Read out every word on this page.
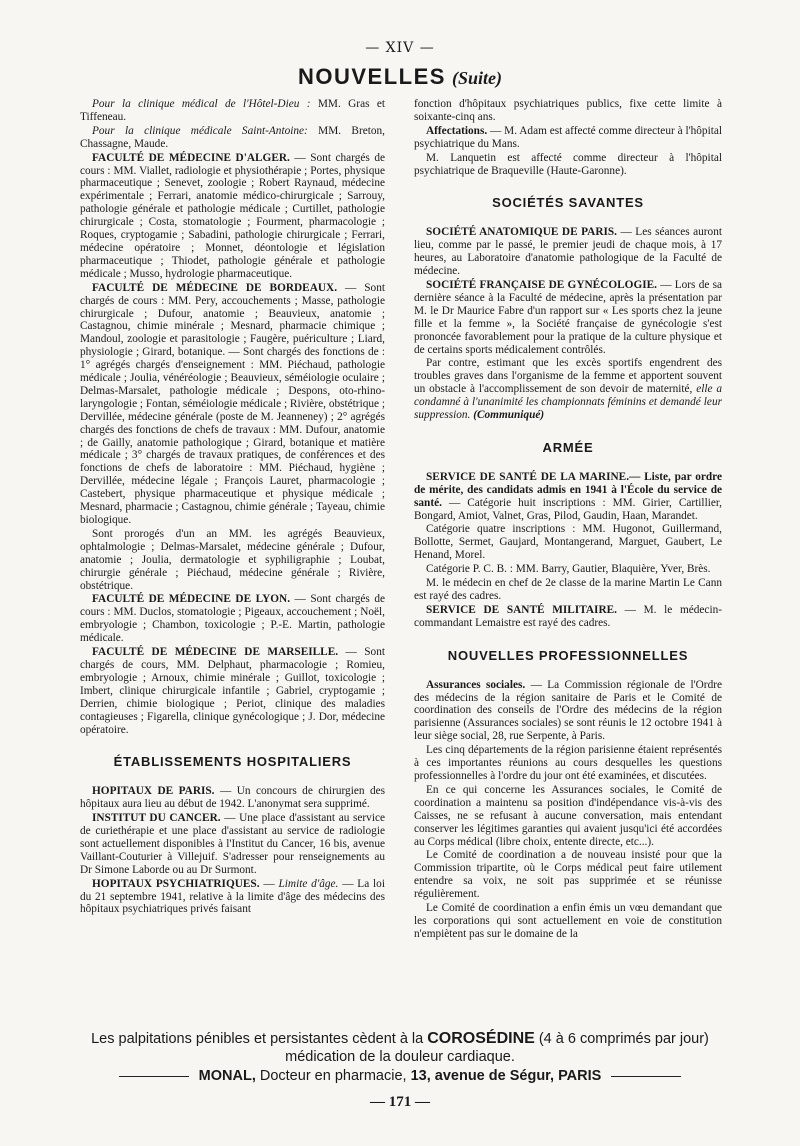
— XIV —
NOUVELLES (Suite)

Pour la clinique médical de l'Hôtel-Dieu : MM. Gras et Tiffeneau.

Pour la clinique médicale Saint-Antoine: MM. Breton, Chassagne, Maude.

FACULTÉ DE MÉDECINE D'ALGER. — Sont chargés de cours : MM. Viallet, radiologie et physiothérapie ; Portes, physique pharmaceutique ; Senevet, zoologie ; Robert Raynaud, médecine expérimentale ; Ferrari, anatomie médico-chirurgicale ; Sarrouy, pathologie générale et pathologie médicale ; Curtillet, pathologie chirurgicale ; Costa, stomatologie ; Fourment, pharmacologie ; Roques, cryptogamie ; Sabadini, pathologie chirurgicale ; Ferrari, médecine opératoire ; Monnet, déontologie et législation pharmaceutique ; Thiodet, pathologie générale et pathologie médicale ; Musso, hydrologie pharmaceutique.

FACULTÉ DE MÉDECINE DE BORDEAUX. — Sont chargés de cours : MM. Pery, accouchements ; Masse, pathologie chirurgicale ; Dufour, anatomie ; Beauvieux, anatomie ; Castagnou, chimie minérale ; Mesnard, pharmacie chimique ; Mandoul, zoologie et parasitologie ; Faugère, puériculture ; Liard, physiologie ; Girard, botanique. — Sont chargés des fonctions de : 1° agrégés chargés d'enseignement : MM. Piéchaud, pathologie médicale ; Joulia, vénéréologie ; Beauvieux, séméiologie oculaire ; Delmas-Marsalet, pathologie médicale ; Despons, oto-rhino-laryngologie ; Fontan, séméiologie médicale ; Rivière, obstétrique ; Dervillée, médecine générale (poste de M. Jeanneney) ; 2° agrégés chargés des fonctions de chefs de travaux : MM. Dufour, anatomie ; de Gailly, anatomie pathologique ; Girard, botanique et matière médicale ; 3° chargés de travaux pratiques, de conférences et des fonctions de chefs de laboratoire : MM. Piéchaud, hygiène ; Dervillée, médecine légale ; François Lauret, pharmacologie ; Castebert, physique pharmaceutique et physique médicale ; Mesnard, pharmacie ; Castagnou, chimie générale ; Tayeau, chimie biologique.

Sont prorogés d'un an MM. les agrégés Beauvieux, ophtalmologie ; Delmas-Marsalet, médecine générale ; Dufour, anatomie ; Joulia, dermatologie et syphiligraphie ; Loubat, chirurgie générale ; Piéchaud, médecine générale ; Rivière, obstétrique.

FACULTÉ DE MÉDECINE DE LYON. — Sont chargés de cours : MM. Duclos, stomatologie ; Pigeaux, accouchement ; Noël, embryologie ; Chambon, toxicologie ; P.-E. Martin, pathologie médicale.

FACULTÉ DE MÉDECINE DE MARSEILLE. — Sont chargés de cours, MM. Delphaut, pharmacologie ; Romieu, embryologie ; Arnoux, chimie minérale ; Guillot, toxicologie ; Imbert, clinique chirurgicale infantile ; Gabriel, cryptogamie ; Derrien, chimie biologique ; Periot, clinique des maladies contagieuses ; Figarella, clinique gynécologique ; J. Dor, médecine opératoire.

ÉTABLISSEMENTS HOSPITALIERS

HOPITAUX DE PARIS. — Un concours de chirurgien des hôpitaux aura lieu au début de 1942. L'anonymat sera supprimé.

INSTITUT DU CANCER. — Une place d'assistant au service de curiethérapie et une place d'assistant au service de radiologie sont actuellement disponibles à l'Institut du Cancer, 16 bis, avenue Vaillant-Couturier à Villejuif. S'adresser pour renseignements au Dr Simone Laborde ou au Dr Surmont.

HOPITAUX PSYCHIATRIQUES. — Limite d'âge. — La loi du 21 septembre 1941, relative à la limite d'âge des médecins des hôpitaux psychiatriques privés faisant

fonction d'hôpitaux psychiatriques publics, fixe cette limite à soixante-cinq ans.

Affectations. — M. Adam est affecté comme directeur à l'hôpital psychiatrique du Mans.

M. Lanquetin est affecté comme directeur à l'hôpital psychiatrique de Braqueville (Haute-Garonne).

SOCIÉTÉS SAVANTES

SOCIÉTÉ ANATOMIQUE DE PARIS. — Les séances auront lieu, comme par le passé, le premier jeudi de chaque mois, à 17 heures, au Laboratoire d'anatomie pathologique de la Faculté de médecine.

SOCIÉTÉ FRANÇAISE DE GYNÉCOLOGIE. — Lors de sa dernière séance à la Faculté de médecine, après la présentation par M. le Dr Maurice Fabre d'un rapport sur « Les sports chez la jeune fille et la femme », la Société française de gynécologie s'est prononcée favorablement pour la pratique de la culture physique et de certains sports médicalement contrôlés.

Par contre, estimant que les excès sportifs engendrent des troubles graves dans l'organisme de la femme et apportent souvent un obstacle à l'accomplissement de son devoir de maternité, elle a condamné à l'unanimité les championnats féminins et demandé leur suppression. (Communiqué)

ARMÉE

SERVICE DE SANTÉ DE LA MARINE.— Liste, par ordre de mérite, des candidats admis en 1941 à l'École du service de santé. — Catégorie huit inscriptions : MM. Girier, Cartillier, Bongard, Amiot, Valnet, Gras, Pilod, Gaudin, Haan, Marandet.

Catégorie quatre inscriptions : MM. Hugonot, Guillermand, Bollotte, Sermet, Gaujard, Montangerand, Marguet, Gaubert, Le Henand, Morel.

Catégorie P. C. B. : MM. Barry, Gautier, Blaquière, Yver, Brès.

M. le médecin en chef de 2e classe de la marine Martin Le Cann est rayé des cadres.

SERVICE DE SANTÉ MILITAIRE. — M. le médecin-commandant Lemaistre est rayé des cadres.

NOUVELLES PROFESSIONNELLES

Assurances sociales. — La Commission régionale de l'Ordre des médecins de la région sanitaire de Paris et le Comité de coordination des conseils de l'Ordre des médecins de la région parisienne (Assurances sociales) se sont réunis le 12 octobre 1941 à leur siège social, 28, rue Serpente, à Paris.

Les cinq départements de la région parisienne étaient représentés à ces importantes réunions au cours desquelles les questions professionnelles à l'ordre du jour ont été examinées, et discutées.

En ce qui concerne les Assurances sociales, le Comité de coordination a maintenu sa position d'indépendance vis-à-vis des Caisses, ne se refusant à aucune conversation, mais entendant conserver les légitimes garanties qui avaient jusqu'ici été accordées au Corps médical (libre choix, entente directe, etc...).

Le Comité de coordination a de nouveau insisté pour que la Commission tripartite, où le Corps médical peut faire utilement entendre sa voix, ne soit pas supprimée et se réunisse régulièrement.

Le Comité de coordination a enfin émis un vœu demandant que les corporations qui sont actuellement en voie de constitution n'empiètent pas sur le domaine de la

Les palpitations pénibles et persistantes cèdent à la COROSÉDINE (4 à 6 comprimés par jour)
médication de la douleur cardiaque.
MONAL, Docteur en pharmacie, 13, avenue de Ségur, PARIS
— 171 —
